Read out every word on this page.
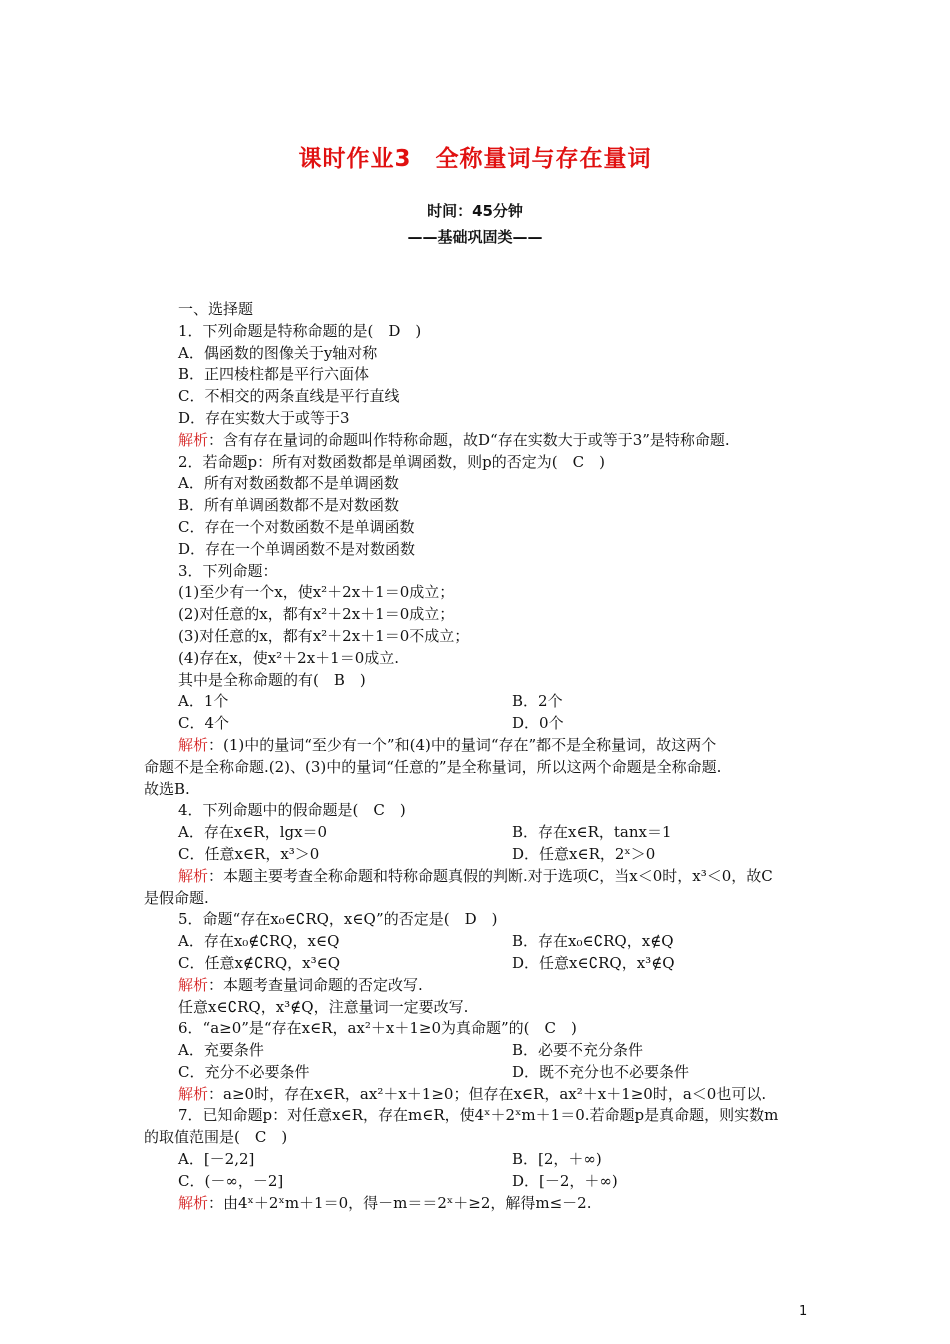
课时作业3　全称量词与存在量词
时间：45分钟
——基础巩固类——
一、选择题
1．下列命题是特称命题的是(　D　)
A．偶函数的图像关于y轴对称
B．正四棱柱都是平行六面体
C．不相交的两条直线是平行直线
D．存在实数大于或等于3
解析：含有存在量词的命题叫作特称命题，故D“存在实数大于或等于3”是特称命题.
2．若命题p：所有对数函数都是单调函数，则p的否定为(　C　)
A．所有对数函数都不是单调函数
B．所有单调函数都不是对数函数
C．存在一个对数函数不是单调函数
D．存在一个单调函数不是对数函数
3．下列命题：
(1)至少有一个x，使x²＋2x＋1＝0成立；
(2)对任意的x，都有x²＋2x＋1＝0成立；
(3)对任意的x，都有x²＋2x＋1＝0不成立；
(4)存在x，使x²＋2x＋1＝0成立.
其中是全称命题的有(　B　)
A．1个	B．2个
C．4个	D．0个
解析：(1)中的量词“至少有一个”和(4)中的量词“存在”都不是全称量词，故这两个
命题不是全称命题.(2)、(3)中的量词“任意的”是全称量词，所以这两个命题是全称命题.
故选B.
4．下列命题中的假命题是(　C　)
A．存在x∈R，lgx＝0	B．存在x∈R，tanx＝1
C．任意x∈R，x³＞0	D．任意x∈R，2ˣ＞0
解析：本题主要考查全称命题和特称命题真假的判断.对于选项C，当x＜0时，x³＜0，故C
是假命题.
5．命题“存在x₀∈∁RQ，x∈Q”的否定是(　D　)
A．存在x₀∉∁RQ，x∈Q	B．存在x₀∈∁RQ，x∉Q
C．任意x∉∁RQ，x³∈Q	D．任意x∈∁RQ，x³∉Q
解析：本题考查量词命题的否定改写.
任意x∈∁RQ，x³∉Q，注意量词一定要改写.
6．“a≥0”是“存在x∈R，ax²＋x＋1≥0为真命题”的(　C　)
A．充要条件	B．必要不充分条件
C．充分不必要条件	D．既不充分也不必要条件
解析：a≥0时，存在x∈R，ax²＋x＋1≥0；但存在x∈R，ax²＋x＋1≥0时，a＜0也可以.
7．已知命题p：对任意x∈R，存在m∈R，使4ˣ＋2ˣm＋1＝0.若命题p是真命题，则实数m
的取值范围是(　C　)
A．[－2,2]	B．[2，＋∞)
C．(－∞，－2]	D．[－2，＋∞)
解析：由4ˣ＋2ˣm＋1＝0，得－m＝＝2ˣ＋≥2，解得m≤－2.
1
